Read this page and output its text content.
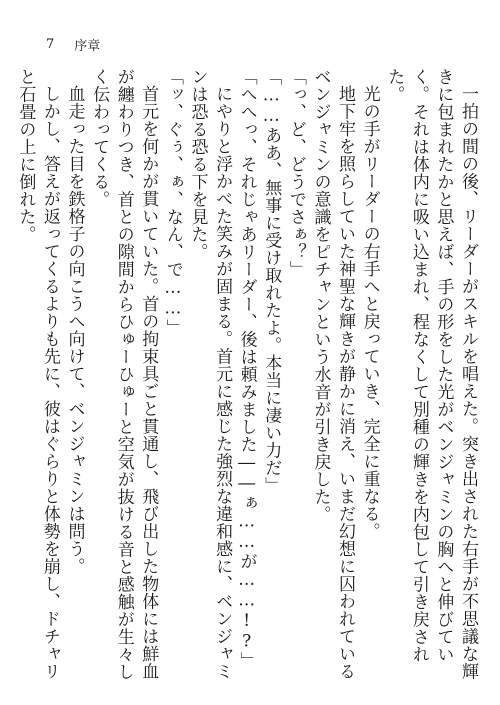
7 序章

一拍の間の後、リーダーがスキルを唱えた。突き出された右手が不思議な輝きに包まれたかと思えば、手の形をした光がベンジャミンの胸へと伸びていく。それは体内に吸い込まれ、程なくして別種の輝きを内包して引き戻された。

光の手がリーダーの右手へと戻っていき、完全に重なる。

地下牢を照らしていた神聖な輝きが静かに消え、いまだ幻想に囚われているベンジャミンの意識をピチャンという水音が引き戻した。

「っ、ど、どうでさぁ？」

「……ああ、無事に受け取れたよ。本当に凄い力だ」

「へへっ、それじゃあリーダー、後は頼みました――ぁ……が……!?」

にやりと浮かべた笑みが固まる。首元に感じた強烈な違和感に、ベンジャミンは恐る恐る下を見た。

「ッ、ぐぅ、ぁ、なん、で……」

首元を何かが貫いていた。首の拘束具ごと貫通し、飛び出した物体には鮮血が纏わりつき、首との隙間からひゅーひゅーと空気が抜ける音と感触が生々しく伝わってくる。

血走った目を鉄格子の向こうへ向けて、ベンジャミンは問う。

しかし、答えが返ってくるよりも先に、彼はぐらりと体勢を崩し、ドチャリと石畳の上に倒れた。
